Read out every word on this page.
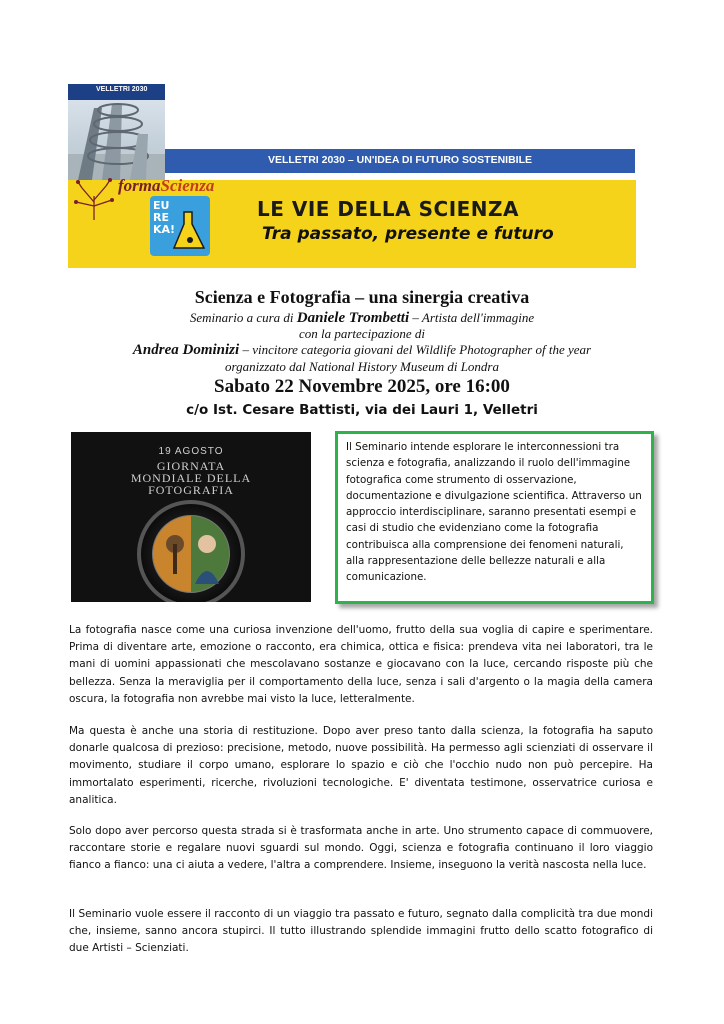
VELLETRI 2030
VELLETRI 2030 – UN'IDEA DI FUTURO SOSTENIBILE
formaScienza
EU RE KA!
LE VIE DELLA SCIENZA
Tra passato, presente e futuro
Scienza e Fotografia – una sinergia creativa
Seminario a cura di Daniele Trombetti – Artista dell'immagine
con la partecipazione di
Andrea Dominizi – vincitore categoria giovani del Wildlife Photographer of the year
organizzato dal National History Museum di Londra
Sabato 22 Novembre 2025, ore 16:00
c/o Ist. Cesare Battisti, via dei Lauri 1, Velletri
19 AGOSTO
GIORNATA
MONDIALE DELLA
FOTOGRAFIA

Il Seminario intende esplorare le interconnessioni tra scienza e fotografia, analizzando il ruolo dell'immagine fotografica come strumento di osservazione, documentazione e divulgazione scientifica. Attraverso un approccio interdisciplinare, saranno presentati esempi e casi di studio che evidenziano come la fotografia contribuisca alla comprensione dei fenomeni naturali, alla rappresentazione delle bellezze naturali e alla comunicazione.

La fotografia nasce come una curiosa invenzione dell'uomo, frutto della sua voglia di capire e sperimentare. Prima di diventare arte, emozione o racconto, era chimica, ottica e fisica: prendeva vita nei laboratori, tra le mani di uomini appassionati che mescolavano sostanze e giocavano con la luce, cercando risposte più che bellezza. Senza la meraviglia per il comportamento della luce, senza i sali d'argento o la magia della camera oscura, la fotografia non avrebbe mai visto la luce, letteralmente.

Ma questa è anche una storia di restituzione. Dopo aver preso tanto dalla scienza, la fotografia ha saputo donarle qualcosa di prezioso: precisione, metodo, nuove possibilità. Ha permesso agli scienziati di osservare il movimento, studiare il corpo umano, esplorare lo spazio e ciò che l'occhio nudo non può percepire. Ha immortalato esperimenti, ricerche, rivoluzioni tecnologiche. E' diventata testimone, osservatrice curiosa e analitica.

Solo dopo aver percorso questa strada si è trasformata anche in arte. Uno strumento capace di commuovere, raccontare storie e regalare nuovi sguardi sul mondo. Oggi, scienza e fotografia continuano il loro viaggio fianco a fianco: una ci aiuta a vedere, l'altra a comprendere. Insieme, inseguono la verità nascosta nella luce.

Il Seminario vuole essere il racconto di un viaggio tra passato e futuro, segnato dalla complicità tra due mondi che, insieme, sanno ancora stupirci. Il tutto illustrando splendide immagini frutto dello scatto fotografico di due Artisti – Scienziati.
